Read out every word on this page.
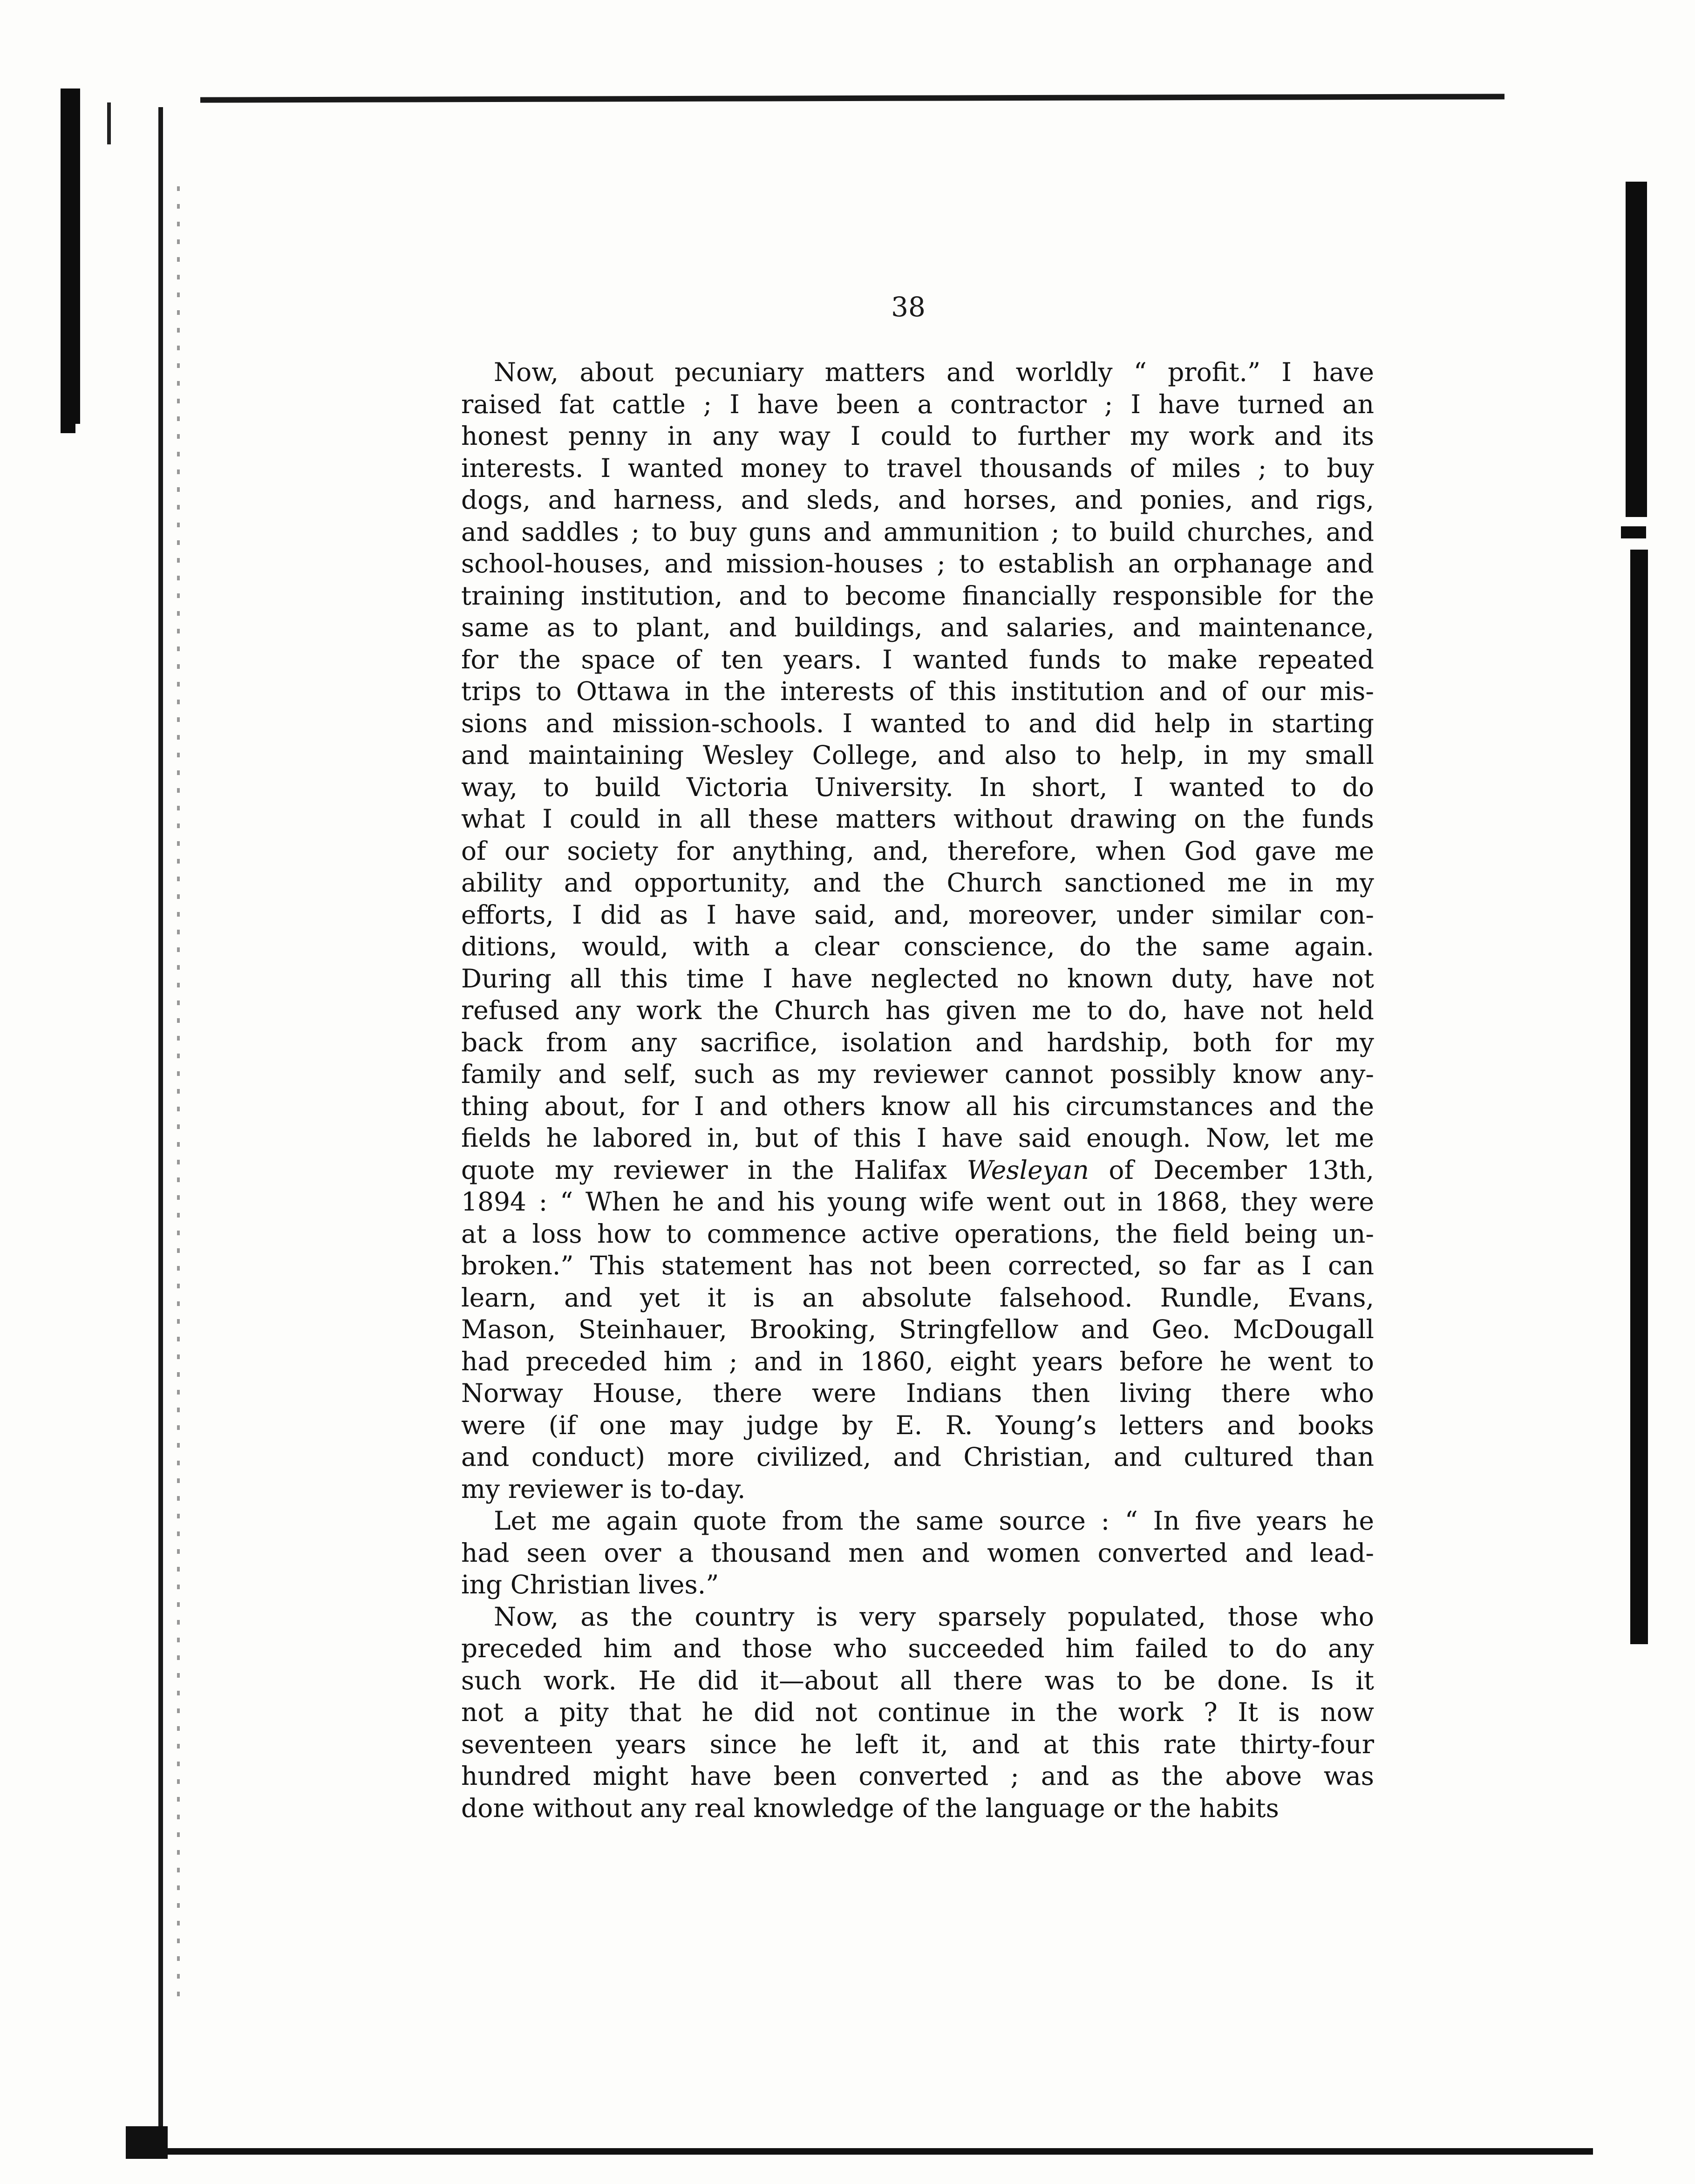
38
Now, about pecuniary matters and worldly “ profit.” I have
raised fat cattle ; I have been a contractor ; I have turned an
honest penny in any way I could to further my work and its
interests. I wanted money to travel thousands of miles ; to buy
dogs, and harness, and sleds, and horses, and ponies, and rigs,
and saddles ; to buy guns and ammunition ; to build churches, and
school-houses, and mission-houses ; to establish an orphanage and
training institution, and to become financially responsible for the
same as to plant, and buildings, and salaries, and maintenance,
for the space of ten years. I wanted funds to make repeated
trips to Ottawa in the interests of this institution and of our mis-
sions and mission-schools. I wanted to and did help in starting
and maintaining Wesley College, and also to help, in my small
way, to build Victoria University. In short, I wanted to do
what I could in all these matters without drawing on the funds
of our society for anything, and, therefore, when God gave me
ability and opportunity, and the Church sanctioned me in my
efforts, I did as I have said, and, moreover, under similar con-
ditions, would, with a clear conscience, do the same again.
During all this time I have neglected no known duty, have not
refused any work the Church has given me to do, have not held
back from any sacrifice, isolation and hardship, both for my
family and self, such as my reviewer cannot possibly know any-
thing about, for I and others know all his circumstances and the
fields he labored in, but of this I have said enough. Now, let me
quote my reviewer in the Halifax Wesleyan of December 13th,
1894 : “ When he and his young wife went out in 1868, they were
at a loss how to commence active operations, the field being un-
broken.” This statement has not been corrected, so far as I can
learn, and yet it is an absolute falsehood. Rundle, Evans,
Mason, Steinhauer, Brooking, Stringfellow and Geo. McDougall
had preceded him ; and in 1860, eight years before he went to
Norway House, there were Indians then living there who
were (if one may judge by E. R. Young’s letters and books
and conduct) more civilized, and Christian, and cultured than
my reviewer is to-day.
Let me again quote from the same source : “ In five years he
had seen over a thousand men and women converted and lead-
ing Christian lives.”
Now, as the country is very sparsely populated, those who
preceded him and those who succeeded him failed to do any
such work. He did it—about all there was to be done. Is it
not a pity that he did not continue in the work ? It is now
seventeen years since he left it, and at this rate thirty-four
hundred might have been converted ; and as the above was
done without any real knowledge of the language or the habits
